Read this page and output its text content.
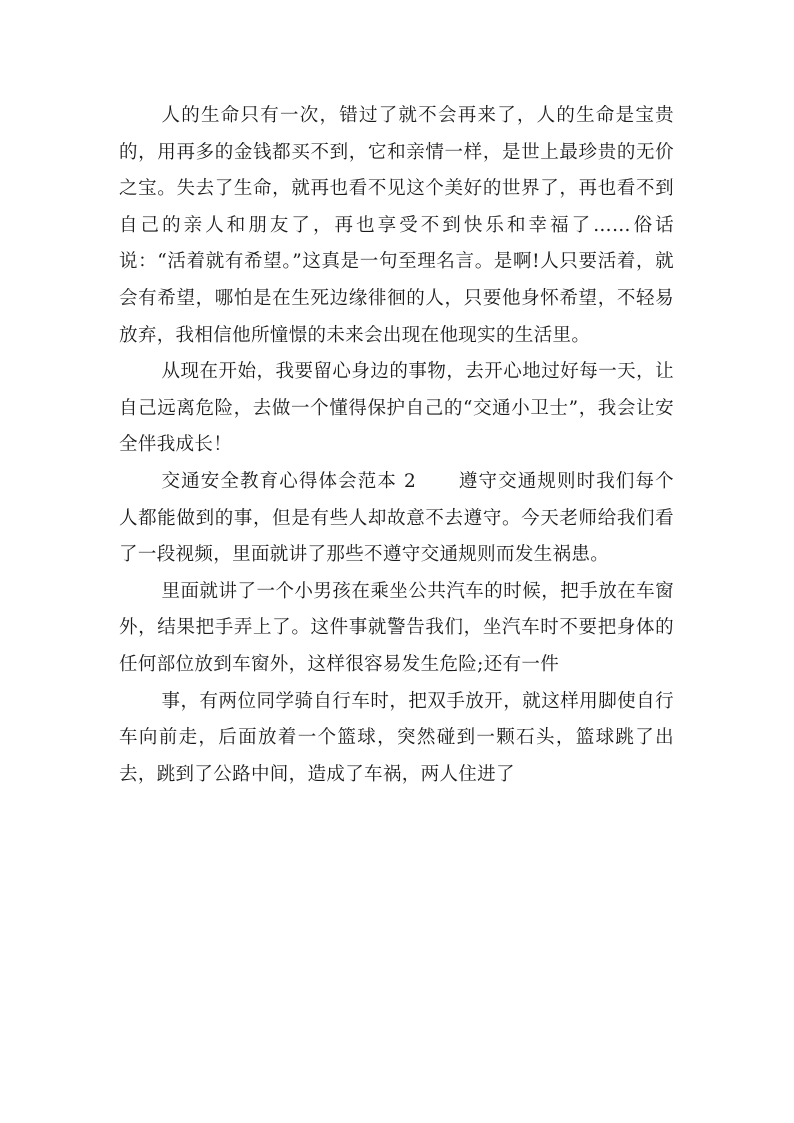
人的生命只有一次，错过了就不会再来了，人的生命是宝贵的，用再多的金钱都买不到，它和亲情一样，是世上最珍贵的无价之宝。失去了生命，就再也看不见这个美好的世界了，再也看不到自己的亲人和朋友了，再也享受不到快乐和幸福了……俗话说：“活着就有希望。”这真是一句至理名言。是啊!人只要活着，就会有希望，哪怕是在生死边缘徘徊的人，只要他身怀希望，不轻易放弃，我相信他所憧憬的未来会出现在他现实的生活里。

从现在开始，我要留心身边的事物，去开心地过好每一天，让自己远离危险，去做一个懂得保护自己的“交通小卫士”，我会让安全伴我成长！

交通安全教育心得体会范本 2 遵守交通规则时我们每个人都能做到的事，但是有些人却故意不去遵守。今天老师给我们看了一段视频，里面就讲了那些不遵守交通规则而发生祸患。

里面就讲了一个小男孩在乘坐公共汽车的时候，把手放在车窗外，结果把手弄上了。这件事就警告我们，坐汽车时不要把身体的任何部位放到车窗外，这样很容易发生危险;还有一件

事，有两位同学骑自行车时，把双手放开，就这样用脚使自行车向前走，后面放着一个篮球，突然碰到一颗石头，篮球跳了出去，跳到了公路中间，造成了车祸，两人住进了
